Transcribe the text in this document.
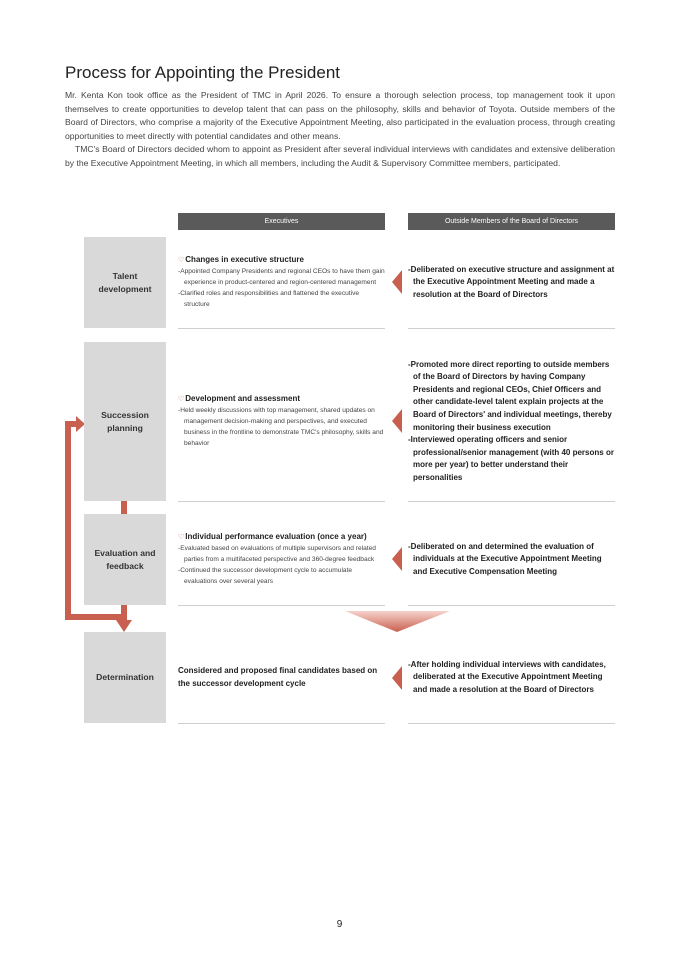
Process for Appointing the President

Mr. Kenta Kon took office as the President of TMC in April 2026. To ensure a thorough selection process, top management took it upon themselves to create opportunities to develop talent that can pass on the philosophy, skills and behavior of Toyota. Outside members of the Board of Directors, who comprise a majority of the Executive Appointment Meeting, also participated in the evaluation process, through creating opportunities to meet directly with potential candidates and other means.

TMC's Board of Directors decided whom to appoint as President after several individual interviews with candidates and extensive deliberation by the Executive Appointment Meeting, in which all members, including the Audit & Supervisory Committee members, participated.

Executives	Outside Members of the Board of Directors
Talent
development
♡Changes in executive structure
-Appointed Company Presidents and regional CEOs to have them gain experience in product-centered and region-centered management
-Clarified roles and responsibilities and flattened the executive structure
-Deliberated on executive structure and assignment at the Executive Appointment Meeting and made a resolution at the Board of Directors
Succession
planning
♡Development and assessment
-Held weekly discussions with top management, shared updates on management decision-making and perspectives, and executed business in the frontline to demonstrate TMC's philosophy, skills and behavior
-Promoted more direct reporting to outside members of the Board of Directors by having Company Presidents and regional CEOs, Chief Officers and other candidate-level talent explain projects at the Board of Directors' and individual meetings, thereby monitoring their business execution
-Interviewed operating officers and senior professional/senior management (with 40 persons or more per year) to better understand their personalities
Evaluation and
feedback
♡Individual performance evaluation (once a year)
-Evaluated based on evaluations of multiple supervisors and related parties from a multifaceted perspective and 360-degree feedback
-Continued the successor development cycle to accumulate evaluations over several years
-Deliberated on and determined the evaluation of individuals at the Executive Appointment Meeting and Executive Compensation Meeting
Determination
Considered and proposed final candidates based on the successor development cycle
-After holding individual interviews with candidates, deliberated at the Executive Appointment Meeting and made a resolution at the Board of Directors
9
